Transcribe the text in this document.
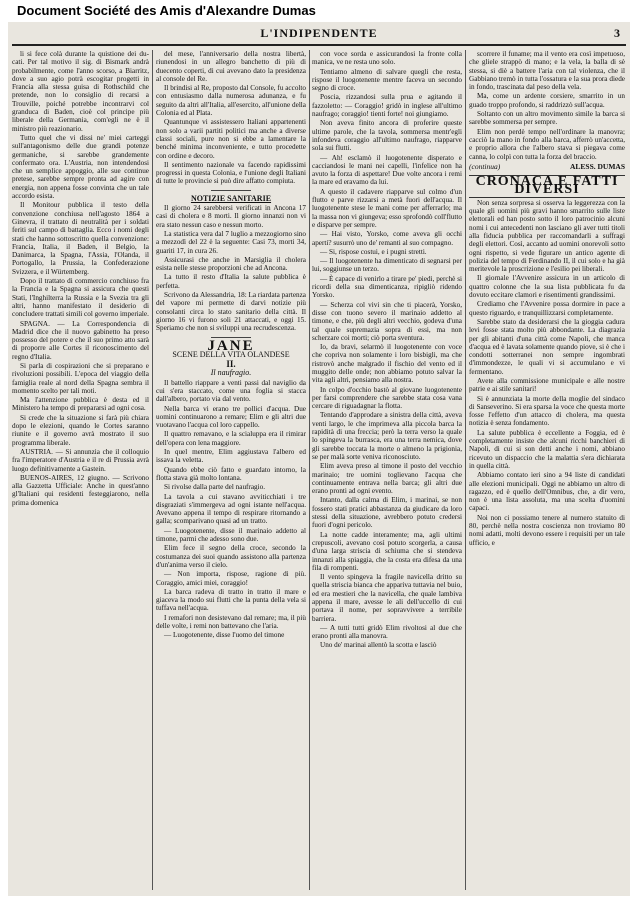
Document Société des Amis d'Alexandre Dumas
L'INDIPENDENTE	3

li si fece colà durante la quistione dei du-cati. Per tal motivo il sig. di Bismark andrà probabilmente, come l'anno scorso, a Biarritz, dove a suo agio potrà escogitar progetti in Francia alla stessa guisa di Rothschild che pretende, non lo consiglio di recarsi a Trouville, poiché potrebbe incontrarvi col granduca di Baden, cioè col principe più liberale della Germania, com'egli ne è il ministro più reazionario.

Tutto quel che vi dissi ne' miei carteggi sull'antagonismo delle due grandi potenze germaniche, si sarebbe grandemente confermato ora. L'Austria, non intendendosi che un semplice appoggio, alle sue continue pretese, sarebbe sempre pronta ad agire con energia, non appena fosse convinta che un tale accordo esista.

Il Monitour pubblica il testo della convenzione conchiusa nell'agosto 1864 a Ginevra, il trattato di neutralità per i soldati feriti sul campo di battaglia. Ecco i nomi degli stati che hanno sottoscritto quella convenzione: Francia, Italia, il Baden, il Belgio, la Danimarca, la Spagna, l'Assia, l'Olanda, il Portogallo, la Prussia, la Confederazione Svizzera, e il Würtemberg.

Dopo il trattato di commercio conchiuso fra la Francia e la Spagna si assicura che questi Stati, l'Inghilterra la Russia e la Svezia tra gli altri, hanno manifestato il desiderio di concludere trattati simili col governo imperiale.

SPAGNA. — La Correspondencia di Madrid dice che il nuovo gabinetto ha preso possesso del potere e che il suo primo atto sarà di proporre alle Cortes il riconoscimento del regno d'Italia.

Si parla di cospirazioni che si preparano e rivoluzioni possibili. L'epoca del viaggio della famiglia reale al nord della Spagna sembra il momento scelto per tali moti.

Ma l'attenzione pubblica è desta ed il Ministero ha tempo di prepararsi ad ogni cosa.

Si crede che la situazione si farà più chiara dopo le elezioni, quando le Cortes saranno riunite e il governo avrà mostrato il suo programma liberale.

AUSTRIA. — Si annunzia che il colloquio fra l'imperatore d'Austria e il re di Prussia avrà luogo definitivamente a Gastein.

BUENOS-AIRES, 12 giugno. — Scrivono alla Gazzetta Ufficiale: Anche in quest'anno gl'Italiani qui residenti festeggiarono, nella prima domenica

del mese, l'anniversario della nostra libertà, riunendosi in un allegro banchetto di più di duecento coperti, di cui avevano dato la presidenza al console del Re.

Il brindisi al Re, proposto dal Console, fu accolto con entusiasmo dalla numerosa adunanza, e fu seguito da altri all'Italia, all'esercito, all'unione della Colonia ed al Plata.

Quantunque vi assistessero Italiani appartenenti non solo a varii partiti politici ma anche a diverse classi sociali, pure non si ebbe a lamentare la benché minima inconveniente, e tutto procedette con ordine e decoro.

Il sentimento nazionale va facendo rapidissimi progressi in questa Colonia, e l'unione degli Italiani di tutte le provincie si può dire affatto compiuta.

NOTIZIE SANITARIE

Il giorno 24 sarebbersi verificati in Ancona 17 casi di cholera e 8 morti. Il giorno innanzi non vi era stato nessun caso e nessun morto.

La statistica vera dal 7 luglio a mezzogiorno sino a mezzodì del 22 è la seguente: Casi 73, morti 34, guariti 17, in cura 26.

Assicurasi che anche in Marsiglia il cholera esista nelle stesse proporzioni che ad Ancona.

La tutto il resto d'Italia la salute pubblica è perfetta.

Scrivono da Alessandria, 18: La riardata partenza del vapore mi permette di darvi notizie più consolanti circa lo stato sanitario della città. Il giorno 16 vi furono soli 21 attaccati, e oggi 15. Speriamo che non si sviluppi una recrudescenza.

JANE

SCENE DELLA VITA OLANDESE

II.

Il naufragio.

Il battello riappare a venti passi dal naviglio da cui s'era staccato, come una foglia si stacca dall'albero, portato via dal vento.

Nella barca vi erano tre pollici d'acqua. Due uomini continuarono a remare; Elim e gli altri due vuotavano l'acqua col loro cappello.

Il quattro remavano, e la scialuppa era il rimirar dell'opera con lena maggiore.

In quel mentre, Elim aggiustava l'albero ed issava la veletta.

Quando ebbe ciò fatto e guardato intorno, la flotta stava già molto lontana.

Si rivolse dalla parte del naufragio.

La tavola a cui stavano avviticchiati i tre disgraziati s'immergeva ad ogni istante nell'acqua. Avevano appena il tempo di respirare ritornando a galla; scomparivano quasi ad un tratto.

— Luogotenente, disse il marinaio addetto al timone, parmi che adesso sono due.

Elim fece il segno della croce, secondo la costumanza dei suoi quando assistono alla partenza d'un'anima verso il cielo.

— Non importa, rispose, ragione di più. Coraggio, amici miei, coraggio!

La barca radeva di tratto in tratto il mare e giaceva la modo sui flutti che la punta della vela si tuffava nell'acqua.

I remafori non desistevano dal remare; ma, il più delle volte, i remi non battevano che l'aria.

— Luogotenente, disse l'uomo del timone

con voce sorda e assicurandosi la fronte colla manica, ve ne resta uno solo.

Tentiamo almeno di salvare quegli che resta, rispose il luogotenente mentre faceva un secondo segno di croce.

Poscia, rizzandosi sulla prua e agitando il fazzoletto: — Coraggio! gridò in inglese all'ultimo naufrago; coraggio! tienti forte! noi giungiamo.

Non aveva finito ancora di proferire queste ultime parole, che la tavola, sommersa mentr'egli infondeva coraggio all'ultimo naufrago, riapparve sola sui flutti.

— Ah! esclamò il luogotenente disperato e cacciandosi le mani nei capelli, l'infelice non ha avuto la forza di aspettare! Due volte ancora i remi la mare ed eravamo da lui.

A questo il cadavere riapparve sul colmo d'un flutto e parve rizzarsi a metà fuori dell'acqua. Il luogotenente stese le mani come per afferrarlo; ma la massa non vi giungeva; esso sprofondò coll'flutto e disparve per sempre.

— Hai visto, Yorsko, come aveva gli occhi aperti? susurrò uno de' remanti al suo compagno.

— Si, rispose costui, e i pugni stretti.

— Il luogotenente ha dimenticato di segnarsi per lui, soggiunse un terzo.

— È capace di venirlo a tirare pe' piedi, perchè si ricordi della sua dimenticanza, ripigliò ridendo Yorsko.

— Scherza col vivi sin che ti piacerà, Yorsko, disse con tuono severo il marinaio addetto al timone, e che, più degli altri vecchio, godeva d'una tal quale supremazia sopra di essi, ma non scherzare coi morti; ciò porta sventura.

Io, da bravi, selarmò il luogotenente con voce che copriva non solamente i loro bisbigli, ma che ristrovò anche malgrado il fischio del vento ed il muggito delle onde; non abbiamo potuto salvar la vita agli altri, pensiamo alla nostra.

In colpo d'occhio bastò al giovane luogotenente per farsi comprendere che sarebbe stata cosa vana cercare di riguadagnar la flotta.

Tentando d'approdare a sinistra della città, aveva venti largo, le che imprimeva alla piccola barca la rapidità di una freccia; però la terra verso la quale lo spingeva la burrasca, era una terra nemica, dove gli sarebbe toccata la morte o almeno la prigionia, se per malà sorte veniva riconosciuto.

Elim aveva preso al timone il posto del vecchio marinaio; tre uomini toglievano l'acqua che continuamente entrava nella barca; gli altri due erano pronti ad ogni evento.

Intanto, dalla calma di Elim, i marinai, se non fossero stati pratici abbastanza da giudicare da loro stessi della situazione, avrebbero potuto credersi fuori d'ogni pericolo.

La notte cadde interamente; ma, agli ultimi crepuscoli, avevano così potuto scorgerla, a causa d'una larga striscia di schiuma che si stendeva innanzi alla spiaggia, che la costa era difesa da una fila di rompenti.

Il vento spingeva la fragile navicella dritto su quella striscia bianca che appariva tuttavia nel buio, ed era mestieri che la navicella, che quale lambiva appena il mare, avesse le ali dell'uccello di cui portava il nome, per sopravvivere a terribile barriera.

— A tutti tutti gridò Elim rivoltosi al due che erano pronti alla manovra.

Uno de' marinai allentò la scotta e lasciò

scorrere il funame; ma il vento era così impetuoso, che gliele strappò di mano; e la vela, la balla di sè stessa, si diè a battere l'aria con tal violenza, che il Gabbiano tremò in tutta l'ossatura e la sua prora diede in fondo, trascinata dal peso della vela.

Ma, come un ardente corsiere, smarrito in un guado troppo profondo, si raddrizzò sull'acqua.

Soltanto con un altro movimento simile la barca si sarebbe sommersa per sempre.

Elim non perdè tempo nell'ordinare la manovra; cacciò la mano in fondo alla barca, afferrò un'accetta, e proprio allora che l'albero stava si piegava come canna, lo colpì con tutta la forza del braccio.

(continua)	ALESS. DUMAS

CRONACA E FATTI DIVERSI

Non senza sorpresa si osserva la leggerezza con la quale gli uomini più gravi hanno smarrito sulle liste elettorali ed han posto sotto il loro patrocinio alcuni nomi i cui antecedenti non lasciano gli aver tutti titoli alla fiducia pubblica per raccomandarli a suffragi degli elettori. Così, accanto ad uomini onorevoli sotto ogni rispetto, si vede figurare un antico agente di polizia del tempo di Ferdinando II, il cui solo e ha già meritevole la proscrizione e l'esilio pei liberali.

Il giornale l'Avvenire assicura in un articolo di quattro colonne che la sua lista pubblicata fu da dovuto eccitare clamori e risentimenti grandissimi.

Crediamo che l'Avvenire possa dormire in pace a questo riguardo, e tranquillizzarsi completamente.

Sarebbe stato da desiderarsi che la gioggia cadura levi fosse stata molto più abbondante. La diagrazia per gli abitanti d'una città come Napoli, che manca d'acqua ed è lavata solamente quando piove, si è che i condotti sotterranei non sempre ingombrati d'immondezze, le quali vi si accumulano e vi fermentano.

Avete alla commissione municipale e alle nostre patrie e ai stile sanitari!

Si è annunziata la morte della moglie del sindaco di Sanseverino. Si era sparsa la voce che questa morte fosse l'effetto d'un attacco di cholera, ma questa notizia è senza fondamento.

La salute pubblica è eccellente a Foggia, ed è completamente insiste che alcuni ricchi banchieri di Napoli, di cui si son detti anche i nomi, abbiano ricevuto un dispaccio che la malattia s'era dichiarata in quella città.

Abbiamo contato ieri sino a 94 liste di candidati alle elezioni municipali. Oggi ne abbiamo un altro di ragazzo, ed è quello dell'Omnibus, che, a dir vero, non è una lista assoluta, ma una scelta d'uomini capaci.

Noi non ci possiamo tenere al numero statuito di 80, perchè nella nostra coscienza non troviamo 80 nomi adatti, molti devono essere i requisiti per un tale ufficio, e
